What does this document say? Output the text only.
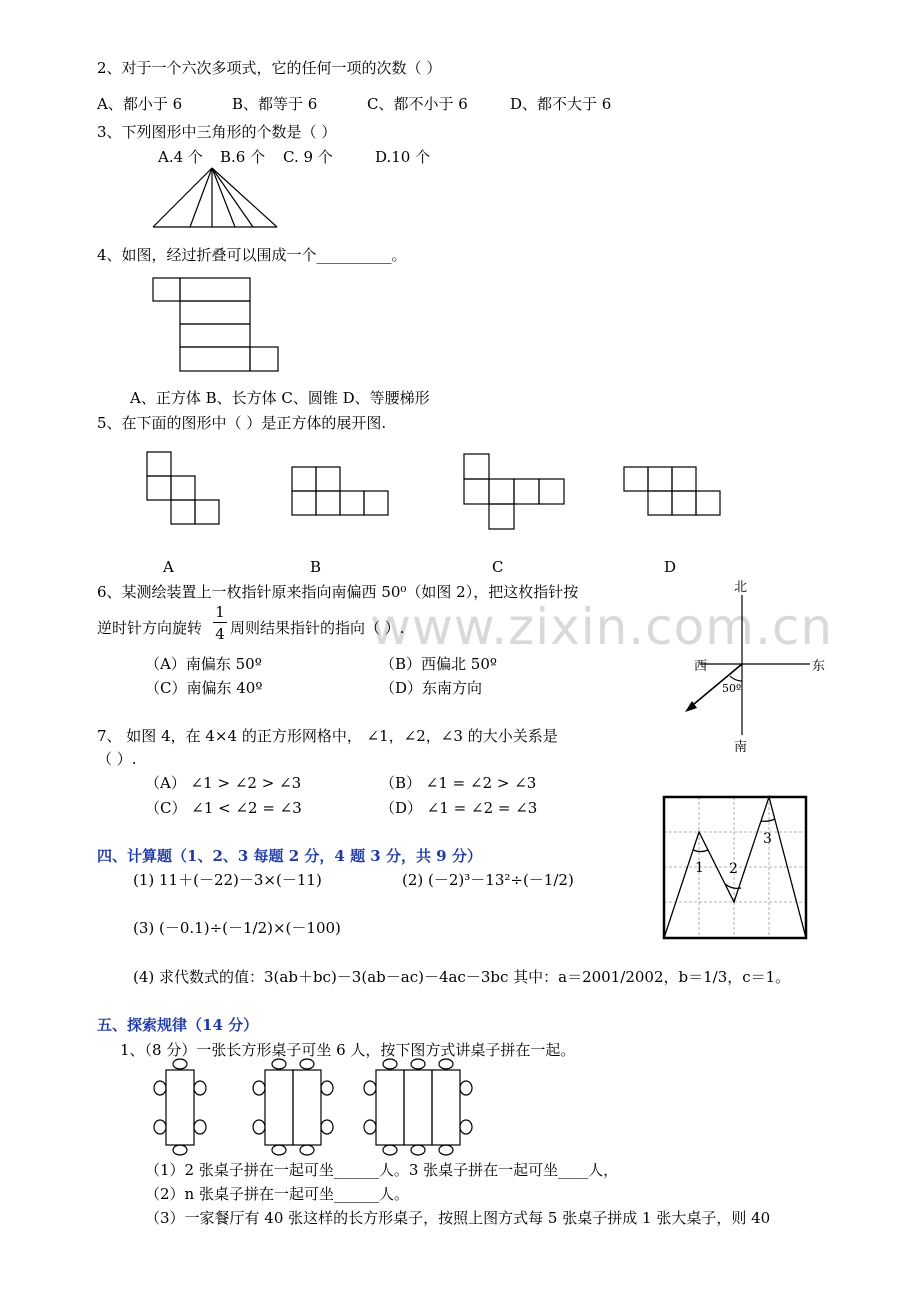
www.zixin.com.cn
2、对于一个六次多项式，它的任何一项的次数（ ）
A、都小于 6	B、都等于 6	C、都不小于 6	D、都不大于 6
3、下列图形中三角形的个数是（ ）
A.4 个 B.6 个 C. 9 个	D.10 个
4、如图，经过折叠可以围成一个__________。
A、正方体 B、长方体 C、圆锥 D、等腰梯形
5、在下面的图形中（ ）是正方体的展开图.
A	B	C	D
6、某测绘装置上一枚指针原来指向南偏西 50⁰（如图 2），把这枚指针按
逆时针方向旋转
1
4 周则结果指针的指向（ ）.
（A）南偏东 50º	（B）西偏北 50º
（C）南偏东 40º	（D）东南方向
北
南
西	东
50º
7、 如图 4，在 4×4 的正方形网格中， ∠1，∠2，∠3 的大小关系是
（ ）.
（A） ∠1 > ∠2 > ∠3	（B） ∠1 = ∠2 > ∠3
（C） ∠1 < ∠2 = ∠3	（D） ∠1 = ∠2 = ∠3
1 2
3
四、计算题（1、2、3 每题 2 分，4 题 3 分，共 9 分）
(1) 11＋(－22)－3×(－11)	(2) (－2)³－13²÷(－1/2)
(3) (－0.1)÷(－1/2)×(－100)
(4) 求代数式的值：3(ab＋bc)－3(ab－ac)－4ac－3bc 其中：a＝2001/2002，b＝1/3，c＝1。
五、探索规律（14 分）
1、（8 分）一张长方形桌子可坐 6 人，按下图方式讲桌子拼在一起。
（1）2 张桌子拼在一起可坐______人。3 张桌子拼在一起可坐____人，
（2）n 张桌子拼在一起可坐______人。
（3）一家餐厅有 40 张这样的长方形桌子，按照上图方式每 5 张桌子拼成 1 张大桌子，则 40
